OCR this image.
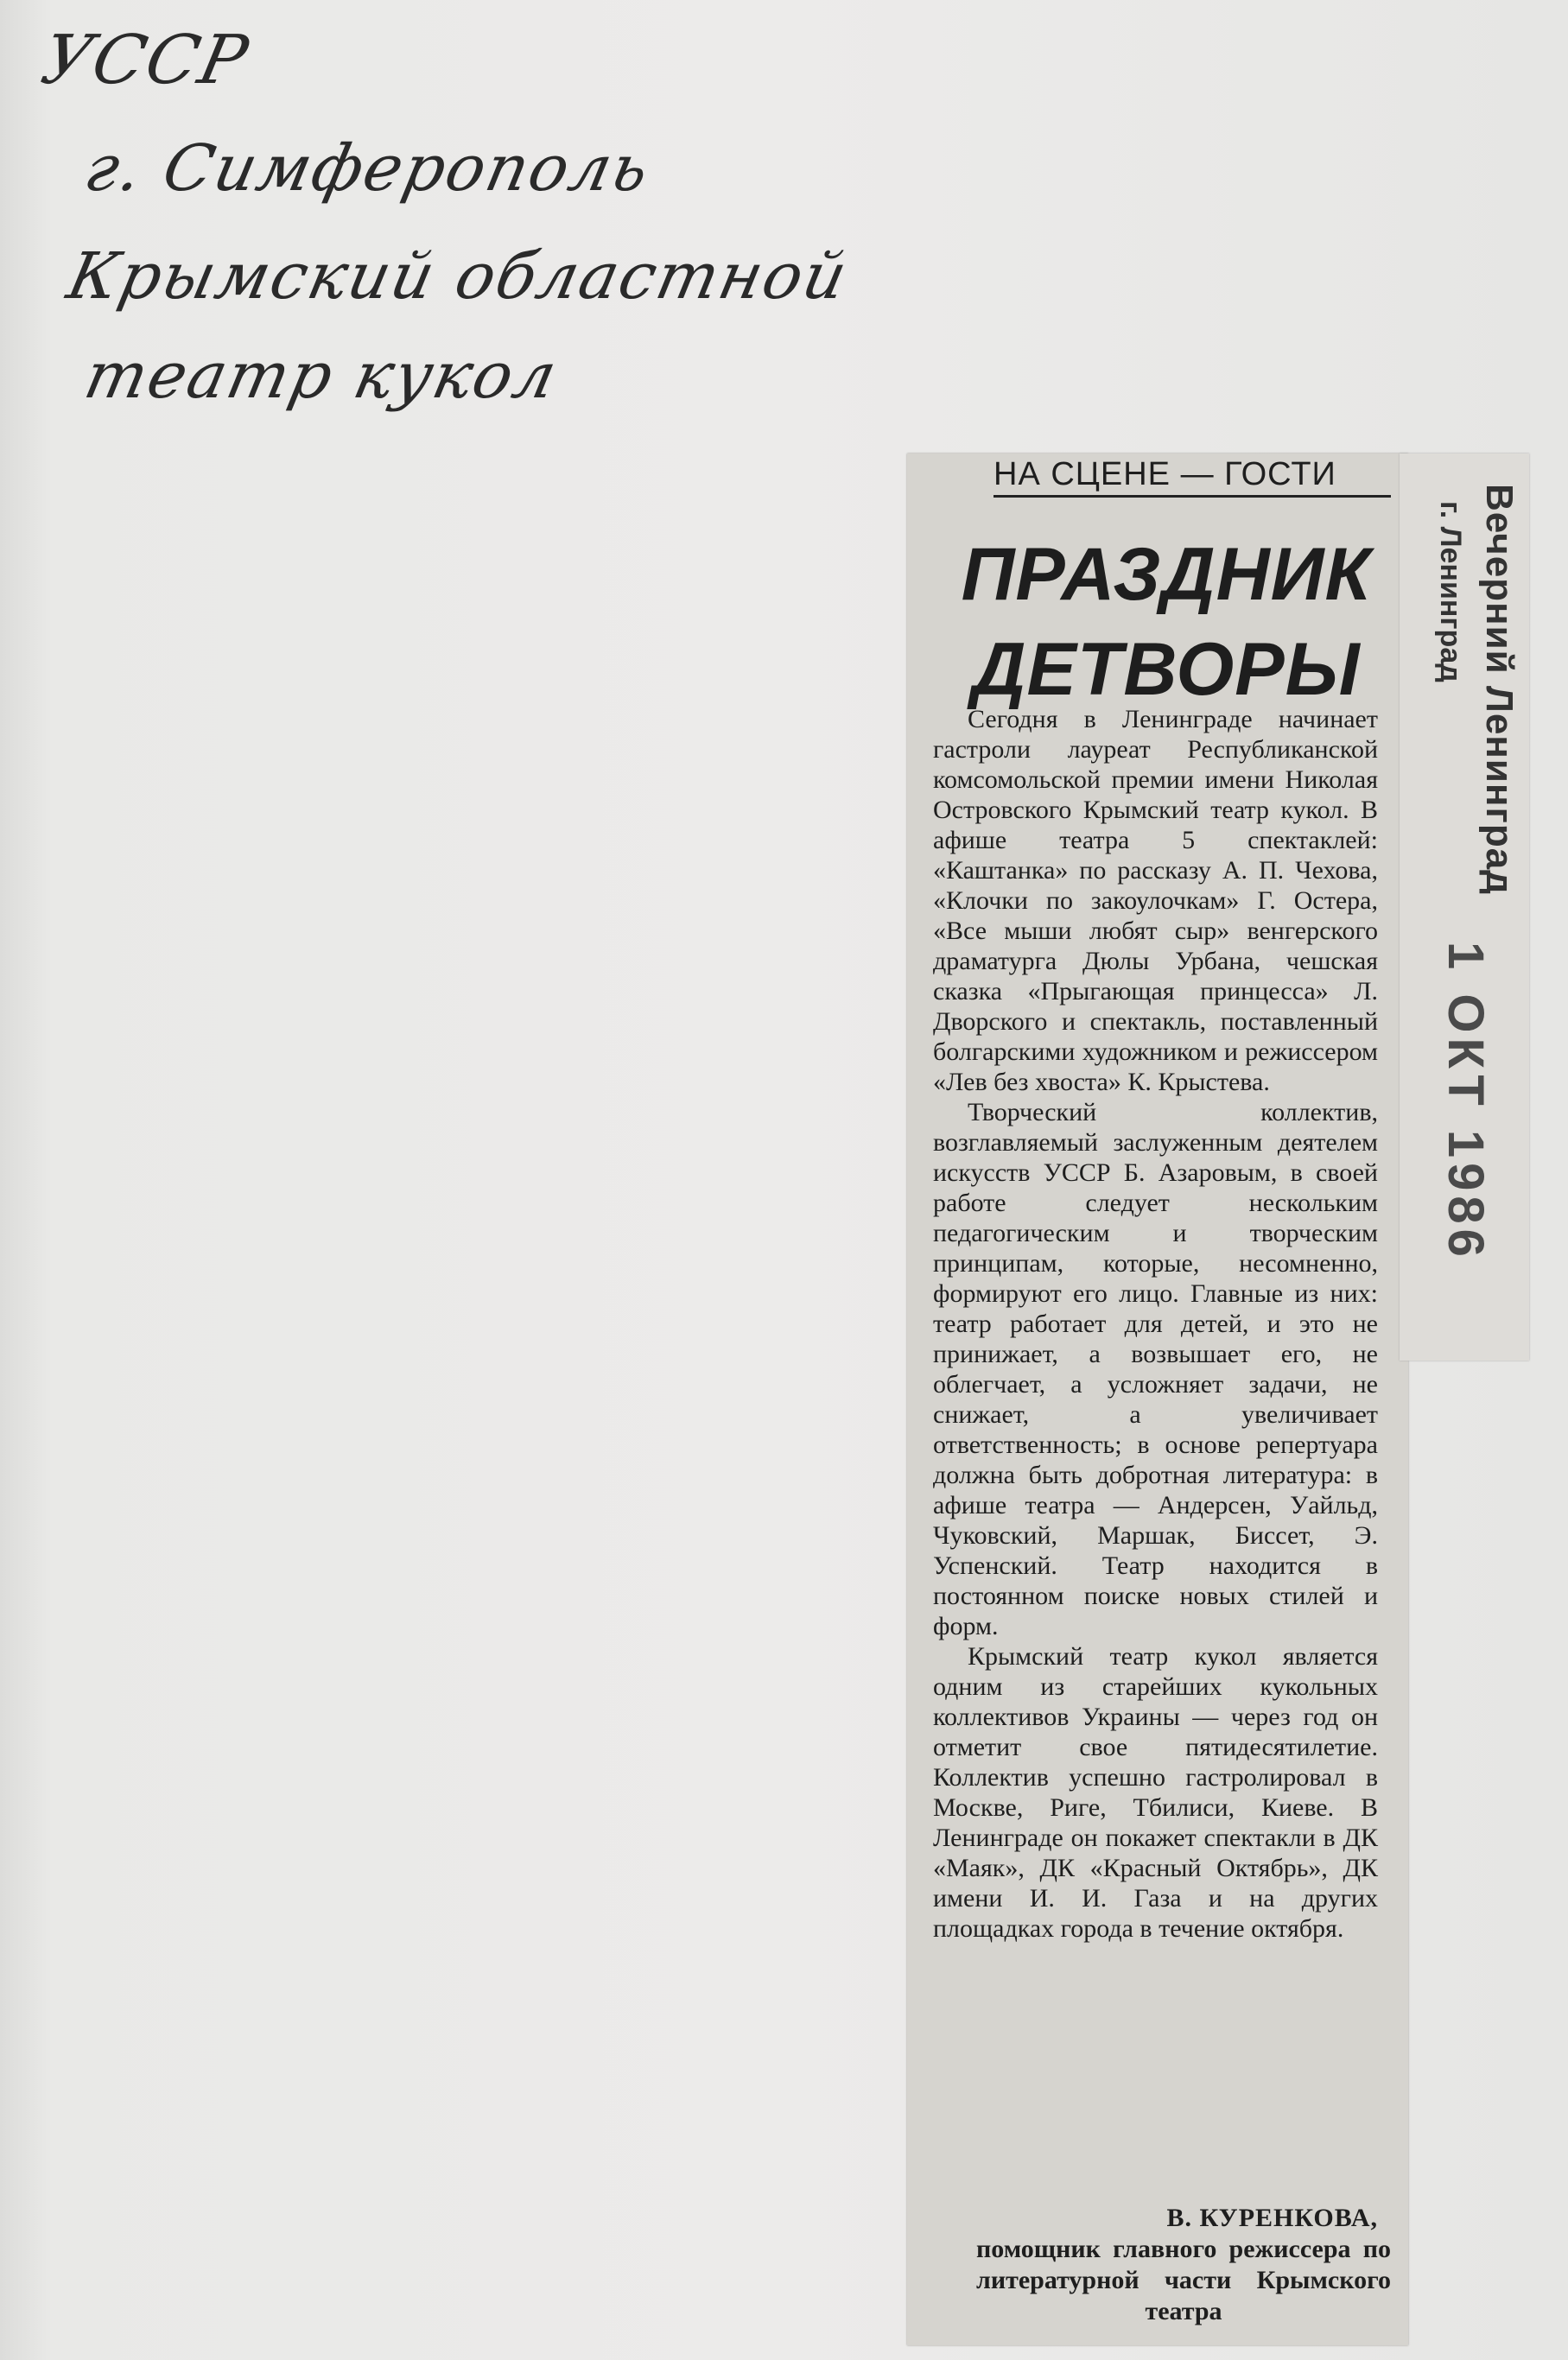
УССР
г. Симферополь
Крымский областной
театр кукол
НА СЦЕНЕ — ГОСТИ
ПРАЗДНИК
ДЕТВОРЫ

Сегодня в Ленинграде начинает гастроли лауреат Республиканской комсомольской премии имени Николая Островского Крымский театр кукол. В афише театра 5 спектаклей: «Каштанка» по рассказу А. П. Чехова, «Клочки по закоулочкам» Г. Остера, «Все мыши любят сыр» венгерского драматурга Дюлы Урбана, чешская сказка «Прыгающая принцесса» Л. Дворского и спектакль, поставленный болгарскими художником и режиссером «Лев без хвоста» К. Крыстева.

Творческий коллектив, возглавляемый заслуженным деятелем искусств УССР Б. Азаровым, в своей работе следует нескольким педагогическим и творческим принципам, которые, несомненно, формируют его лицо. Главные из них: театр работает для детей, и это не принижает, а возвышает его, не облегчает, а усложняет задачи, не снижает, а увеличивает ответственность; в основе репертуара должна быть добротная литература: в афише театра — Андерсен, Уайльд, Чуковский, Маршак, Биссет, Э. Успенский. Театр находится в постоянном поиске новых стилей и форм.

Крымский театр кукол является одним из старейших кукольных коллективов Украины — через год он отметит свое пятидесятилетие. Коллектив успешно гастролировал в Москве, Риге, Тбилиси, Киеве. В Ленинграде он покажет спектакли в ДК «Маяк», ДК «Красный Октябрь», ДК имени И. И. Газа и на других площадках города в течение октября.

В. КУРЕНКОВА,
помощник главного режиссера по литературной части Крымского театра
Вечерний Ленинград
г. Ленинград
1 ОКТ 1986
